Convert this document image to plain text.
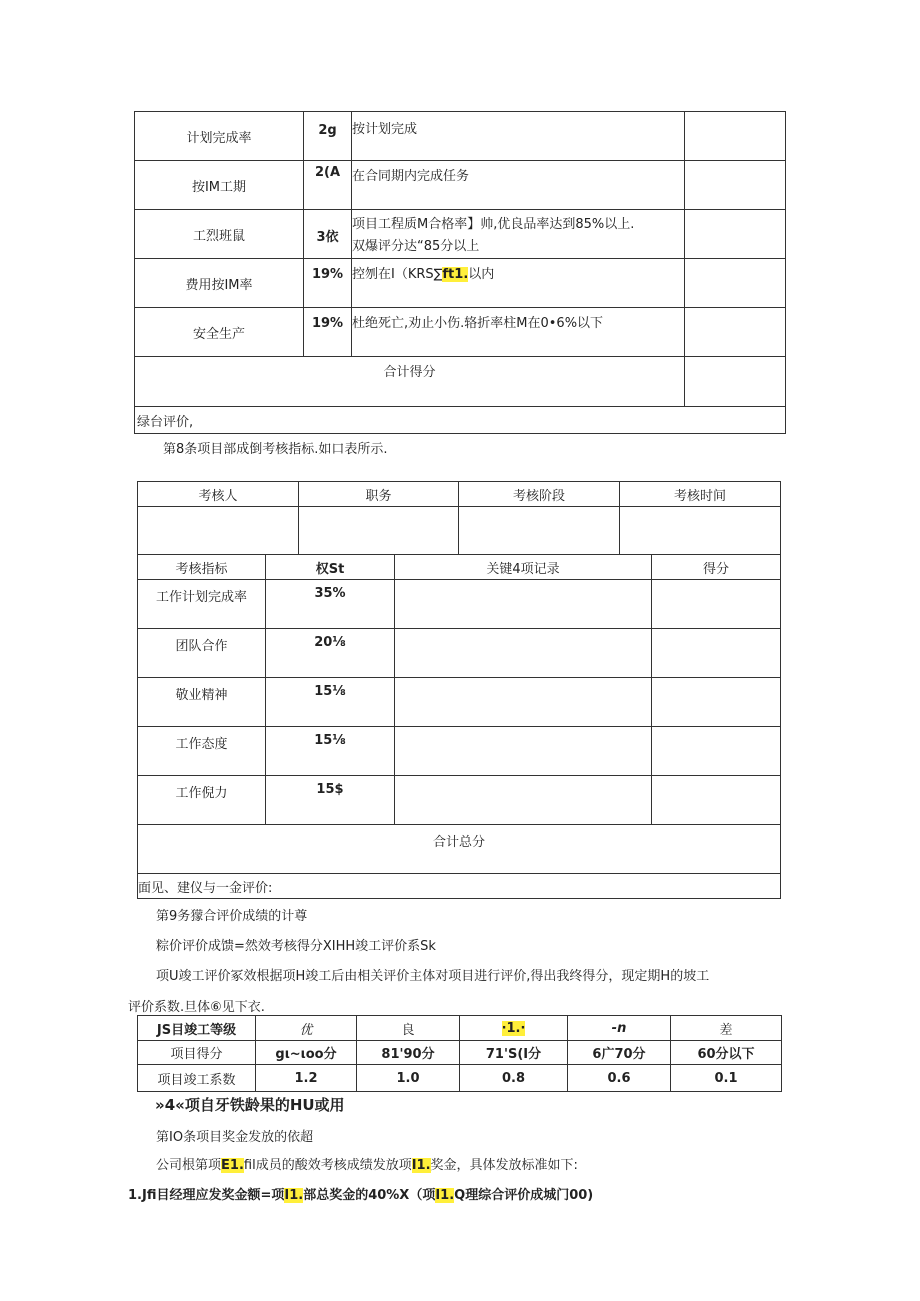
计划完成率	2g	按计划完成	
按IM工期	2(A	在合同期内完成任务	
工烈班鼠	3依	项目工程质M合格率】帅,优良品率达到85%以上.
双爆评分达“85分以上	

费用按IM率	19%	控刎在I（KRS∑ft1.以内	
安全生产	19%	杜绝死亡,劝止小伤.辂折率柱M在0•6%以下	
合计得分			
绿台评价,			
第8条项目部成倒考核指标.如口表所示.
考核人	职务	考核阶段	考核时间

考核指标	权St	关键4项记录	得分
工作计划完成率	35%		
团队合作	20⅛		
敬业精神	15⅛		
工作态度	15⅛		
工作倪力	15$		
合计总分			
面见、建仪与一金评价:			
第9务獴合评价成绩的计尊
粽价评价成馈=然效考核得分XIHH竣工评价系Sk
项U竣工评价冢效根据项H竣工后由相关评价主体对项目进行评价,得出我终得分，现定期H的坡工
评价系数.旦体⑥见下衣.
JS目竣工等级	优	良	·1.·	-n	差
项目得分	gι~ιoo分	81'90分	71'S(I分	6广70分	60分以下
项目竣工系数	1.2	1.0	0.8	0.6	0.1
»4«项自牙铁龄果的HU或用
第IO条项目奖金发放的依超
公司根第项E1.fil成员的酸效考核成绩发放项I1.奖金，具体发放标准如下:
1.Jfi目经理应发奖金额=项I1.部总奖金的40%X（项I1.Q理综合评价成城门00)
